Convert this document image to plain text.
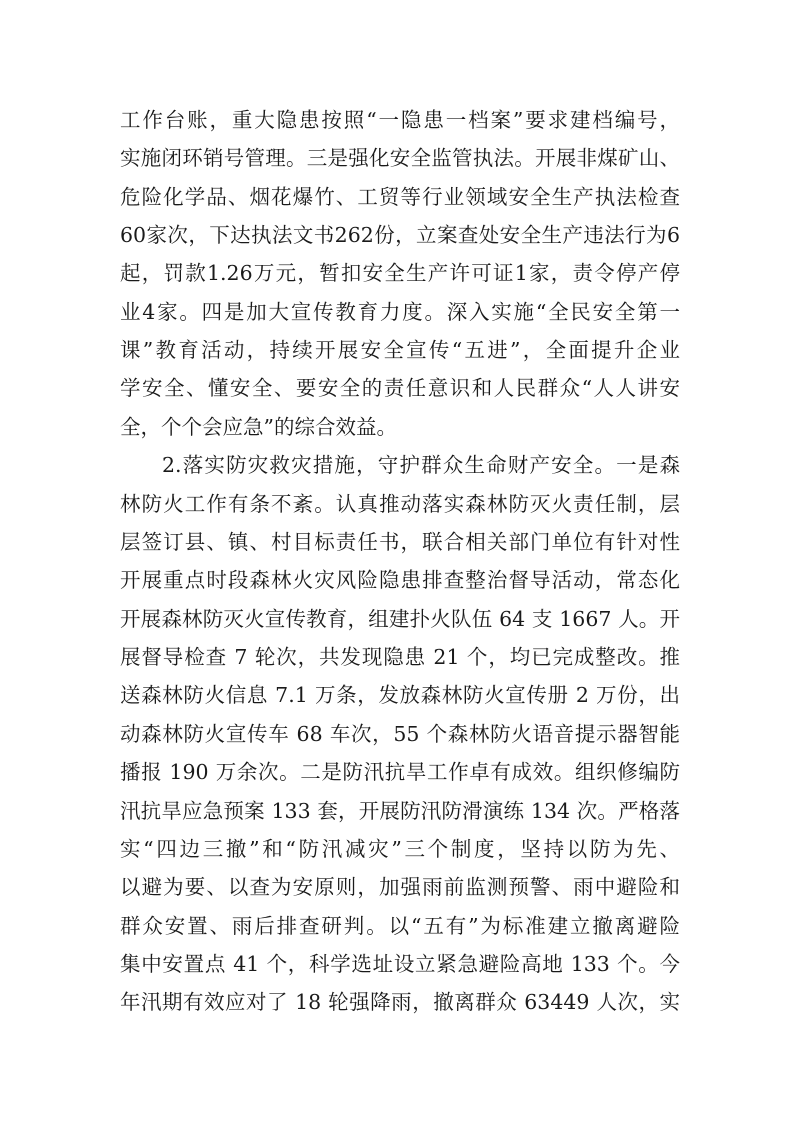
工作台账，重大隐患按照“一隐患一档案”要求建档编号，
实施闭环销号管理。三是强化安全监管执法。开展非煤矿山、
危险化学品、烟花爆竹、工贸等行业领域安全生产执法检查
60家次，下达执法文书262份，立案查处安全生产违法行为6
起，罚款1.26万元，暂扣安全生产许可证1家，责令停产停
业4家。四是加大宣传教育力度。深入实施“全民安全第一
课”教育活动，持续开展安全宣传“五进”，全面提升企业
学安全、懂安全、要安全的责任意识和人民群众“人人讲安
全，个个会应急”的综合效益。
2.落实防灾救灾措施，守护群众生命财产安全。一是森
林防火工作有条不紊。认真推动落实森林防灭火责任制，层
层签订县、镇、村目标责任书，联合相关部门单位有针对性
开展重点时段森林火灾风险隐患排查整治督导活动，常态化
开展森林防灭火宣传教育，组建扑火队伍 64 支 1667 人。开
展督导检查 7 轮次，共发现隐患 21 个，均已完成整改。推
送森林防火信息 7.1 万条，发放森林防火宣传册 2 万份，出
动森林防火宣传车 68 车次，55 个森林防火语音提示器智能
播报 190 万余次。二是防汛抗旱工作卓有成效。组织修编防
汛抗旱应急预案 133 套，开展防汛防滑演练 134 次。严格落
实“四边三撤”和“防汛减灾”三个制度，坚持以防为先、
以避为要、以查为安原则，加强雨前监测预警、雨中避险和
群众安置、雨后排查研判。以“五有”为标准建立撤离避险
集中安置点 41 个，科学选址设立紧急避险高地 133 个。今
年汛期有效应对了 18 轮强降雨，撤离群众 63449 人次，实
